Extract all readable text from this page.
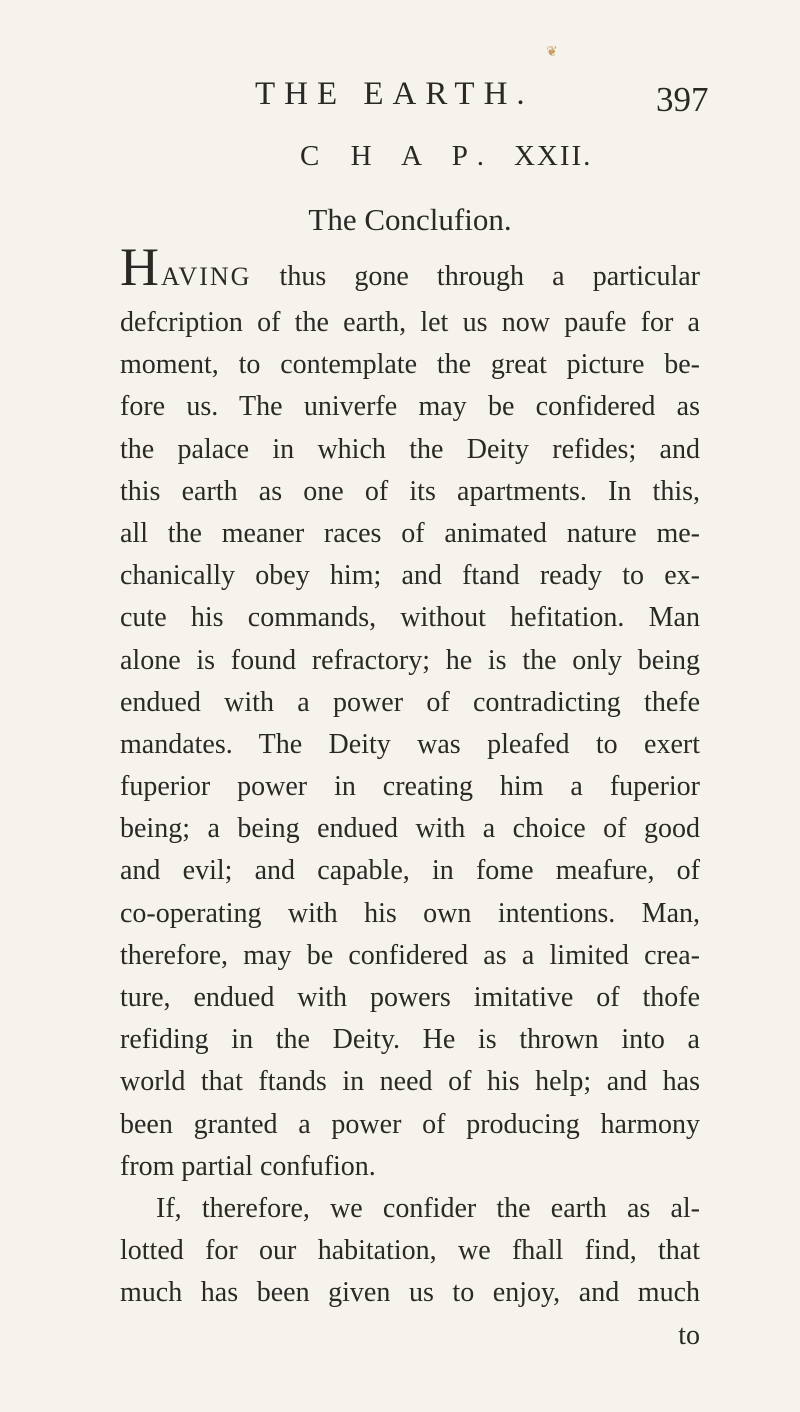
❦
THE EARTH.	397
C H A P. XXII.
The Conclufion.
HAVING thus gone through a particular
defcription of the earth, let us now paufe for a
moment, to contemplate the great picture be-
fore us. The univerfe may be confidered as
the palace in which the Deity refides; and
this earth as one of its apartments. In this,
all the meaner races of animated nature me-
chanically obey him; and ftand ready to ex-
cute his commands, without hefitation. Man
alone is found refractory; he is the only being
endued with a power of contradicting thefe
mandates. The Deity was pleafed to exert
fuperior power in creating him a fuperior
being; a being endued with a choice of good
and evil; and capable, in fome meafure, of
co-operating with his own intentions. Man,
therefore, may be confidered as a limited crea-
ture, endued with powers imitative of thofe
refiding in the Deity. He is thrown into a
world that ftands in need of his help; and has
been granted a power of producing harmony
from partial confufion.
If, therefore, we confider the earth as al-
lotted for our habitation, we fhall find, that
much has been given us to enjoy, and much
to
